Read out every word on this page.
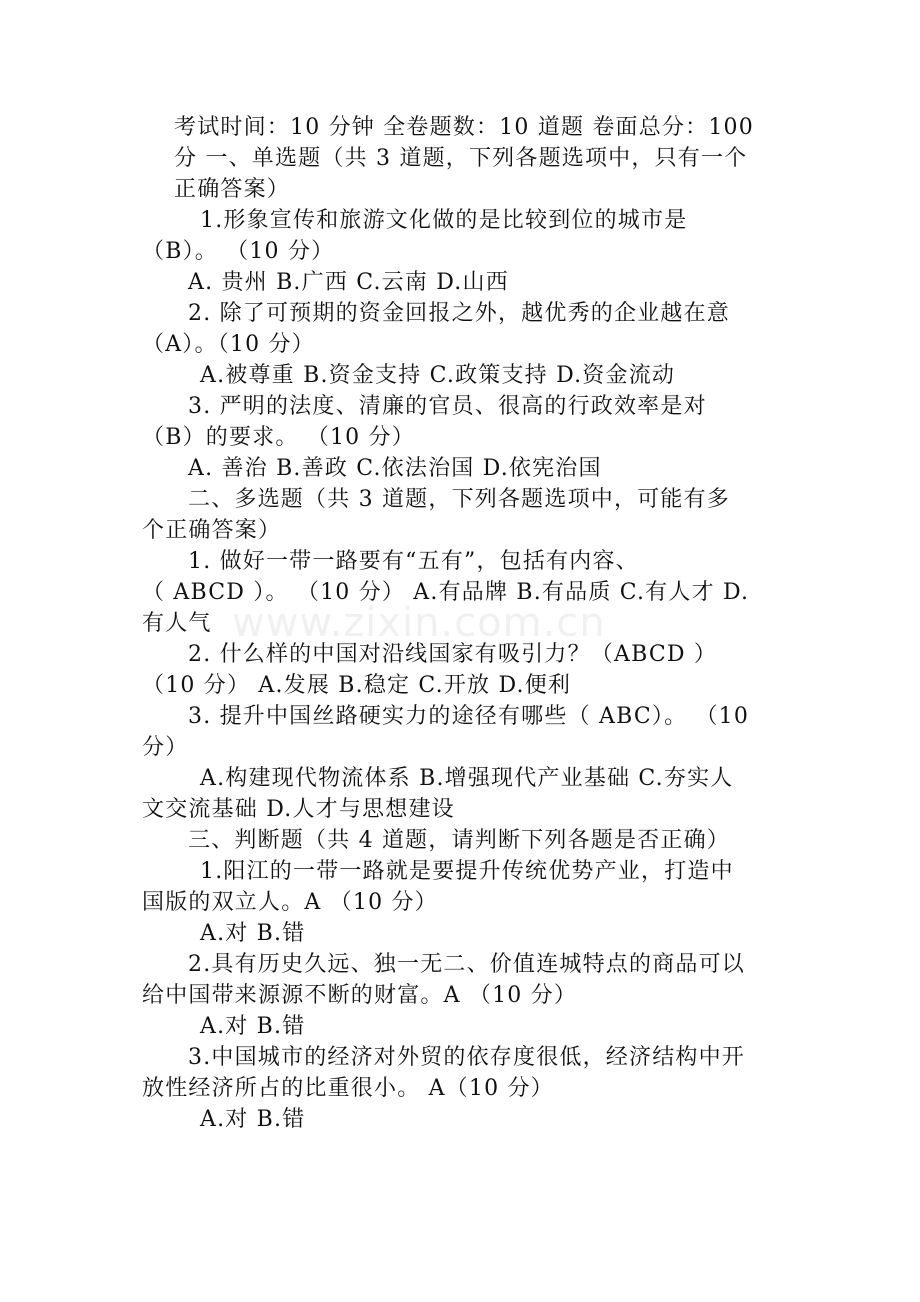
www.zixin.com.cn
考试时间：10 分钟 全卷题数：10 道题 卷面总分：100
分 一、单选题（共 3 道题，下列各题选项中，只有一个
正确答案）
1.形象宣传和旅游文化做的是比较到位的城市是
（B）。 （10 分）
A. 贵州 B.广西 C.云南 D.山西
2. 除了可预期的资金回报之外，越优秀的企业越在意
（A）。（10 分）
A.被尊重 B.资金支持 C.政策支持 D.资金流动
3. 严明的法度、清廉的官员、很高的行政效率是对
（B）的要求。 （10 分）
A. 善治 B.善政 C.依法治国 D.依宪治国
二、多选题（共 3 道题，下列各题选项中，可能有多
个正确答案）
1. 做好一带一路要有“五有”，包括有内容、
（ ABCD ）。 （10 分） A.有品牌 B.有品质 C.有人才 D.
有人气
2. 什么样的中国对沿线国家有吸引力？（ABCD ）
（10 分） A.发展 B.稳定 C.开放 D.便利
3. 提升中国丝路硬实力的途径有哪些（ ABC）。 （10
分）
A.构建现代物流体系 B.增强现代产业基础 C.夯实人
文交流基础 D.人才与思想建设
三、判断题（共 4 道题，请判断下列各题是否正确）
1.阳江的一带一路就是要提升传统优势产业，打造中
国版的双立人。A （10 分）
A.对 B.错
2.具有历史久远、独一无二、价值连城特点的商品可以
给中国带来源源不断的财富。A （10 分）
A.对 B.错
3.中国城市的经济对外贸的依存度很低，经济结构中开
放性经济所占的比重很小。 A（10 分）
A.对 B.错
